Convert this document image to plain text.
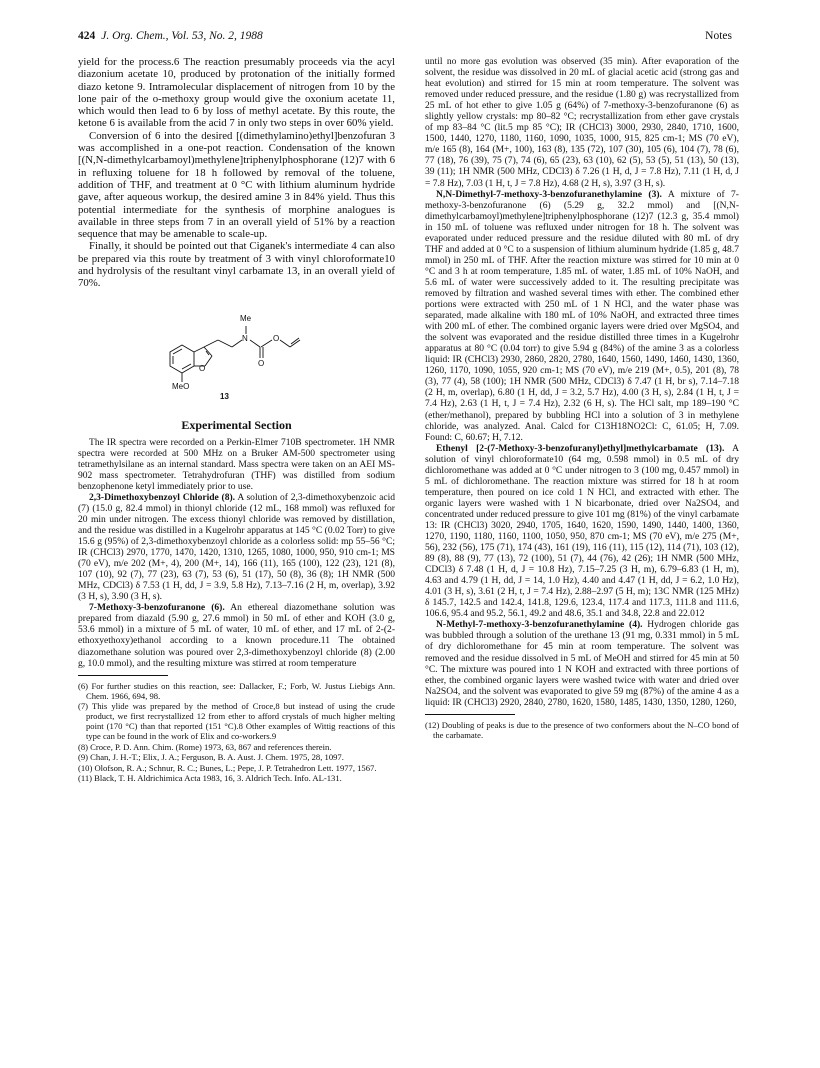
424 J. Org. Chem., Vol. 53, No. 2, 1988	Notes

yield for the process.6 The reaction presumably proceeds via the acyl diazonium acetate 10, produced by protonation of the initially formed diazo ketone 9. Intramolecular displacement of nitrogen from 10 by the lone pair of the o-methoxy group would give the oxonium acetate 11, which would then lead to 6 by loss of methyl acetate. By this route, the ketone 6 is available from the acid 7 in only two steps in over 60% yield.

Conversion of 6 into the desired [(dimethylamino)ethyl]benzofuran 3 was accomplished in a one-pot reaction. Condensation of the known [(N,N-dimethylcarbamoyl)methylene]triphenylphosphorane (12)7 with 6 in refluxing toluene for 18 h followed by removal of the toluene, addition of THF, and treatment at 0 °C with lithium aluminum hydride gave, after aqueous workup, the desired amine 3 in 84% yield. Thus this potential intermediate for the synthesis of morphine analogues is available in three steps from 7 in an overall yield of 51% by a reaction sequence that may be amenable to scale-up.

Finally, it should be pointed out that Ciganek's intermediate 4 can also be prepared via this route by treatment of 3 with vinyl chloroformate10 and hydrolysis of the resultant vinyl carbamate 13, in an overall yield of 70%.

Me
N
O
O
O
MeO
13
Experimental Section

The IR spectra were recorded on a Perkin-Elmer 710B spectrometer. 1H NMR spectra were recorded at 500 MHz on a Bruker AM-500 spectrometer using tetramethylsilane as an internal standard. Mass spectra were taken on an AEI MS-902 mass spectrometer. Tetrahydrofuran (THF) was distilled from sodium benzophenone ketyl immediately prior to use.

2,3-Dimethoxybenzoyl Chloride (8). A solution of 2,3-dimethoxybenzoic acid (7) (15.0 g, 82.4 mmol) in thionyl chloride (12 mL, 168 mmol) was refluxed for 20 min under nitrogen. The excess thionyl chloride was removed by distillation, and the residue was distilled in a Kugelrohr apparatus at 145 °C (0.02 Torr) to give 15.6 g (95%) of 2,3-dimethoxybenzoyl chloride as a colorless solid: mp 55–56 °C; IR (CHCl3) 2970, 1770, 1470, 1420, 1310, 1265, 1080, 1000, 950, 910 cm-1; MS (70 eV), m/e 202 (M+, 4), 200 (M+, 14), 166 (11), 165 (100), 122 (23), 121 (8), 107 (10), 92 (7), 77 (23), 63 (7), 53 (6), 51 (17), 50 (8), 36 (8); 1H NMR (500 MHz, CDCl3) δ 7.53 (1 H, dd, J = 3.9, 5.8 Hz), 7.13–7.16 (2 H, m, overlap), 3.92 (3 H, s), 3.90 (3 H, s).

7-Methoxy-3-benzofuranone (6). An ethereal diazomethane solution was prepared from diazald (5.90 g, 27.6 mmol) in 50 mL of ether and KOH (3.0 g, 53.6 mmol) in a mixture of 5 mL of water, 10 mL of ether, and 17 mL of 2-(2-ethoxyethoxy)ethanol according to a known procedure.11 The obtained diazomethane solution was poured over 2,3-dimethoxybenzoyl chloride (8) (2.00 g, 10.0 mmol), and the resulting mixture was stirred at room temperature

(6) For further studies on this reaction, see: Dallacker, F.; Forb, W. Justus Liebigs Ann. Chem. 1966, 694, 98.

(7) This ylide was prepared by the method of Croce,8 but instead of using the crude product, we first recrystallized 12 from ether to afford crystals of much higher melting point (170 °C) than that reported (151 °C).8 Other examples of Wittig reactions of this type can be found in the work of Elix and co-workers.9

(8) Croce, P. D. Ann. Chim. (Rome) 1973, 63, 867 and references therein.

(9) Chan, J. H.-T.; Elix, J. A.; Ferguson, B. A. Aust. J. Chem. 1975, 28, 1097.

(10) Olofson, R. A.; Schnur, R. C.; Bunes, L.; Pepe, J. P. Tetrahedron Lett. 1977, 1567.

(11) Black, T. H. Aldrichimica Acta 1983, 16, 3. Aldrich Tech. Info. AL-131.

until no more gas evolution was observed (35 min). After evaporation of the solvent, the residue was dissolved in 20 mL of glacial acetic acid (strong gas and heat evolution) and stirred for 15 min at room temperature. The solvent was removed under reduced pressure, and the residue (1.80 g) was recrystallized from 25 mL of hot ether to give 1.05 g (64%) of 7-methoxy-3-benzofuranone (6) as slightly yellow crystals: mp 80–82 °C; recrystallization from ether gave crystals of mp 83–84 °C (lit.5 mp 85 °C); IR (CHCl3) 3000, 2930, 2840, 1710, 1600, 1500, 1440, 1270, 1180, 1160, 1090, 1035, 1000, 915, 825 cm-1; MS (70 eV), m/e 165 (8), 164 (M+, 100), 163 (8), 135 (72), 107 (30), 105 (6), 104 (7), 78 (6), 77 (18), 76 (39), 75 (7), 74 (6), 65 (23), 63 (10), 62 (5), 53 (5), 51 (13), 50 (13), 39 (11); 1H NMR (500 MHz, CDCl3) δ 7.26 (1 H, d, J = 7.8 Hz), 7.11 (1 H, d, J = 7.8 Hz), 7.03 (1 H, t, J = 7.8 Hz), 4.68 (2 H, s), 3.97 (3 H, s).

N,N-Dimethyl-7-methoxy-3-benzofuranethylamine (3). A mixture of 7-methoxy-3-benzofuranone (6) (5.29 g, 32.2 mmol) and [(N,N-dimethylcarbamoyl)methylene]triphenylphosphorane (12)7 (12.3 g, 35.4 mmol) in 150 mL of toluene was refluxed under nitrogen for 18 h. The solvent was evaporated under reduced pressure and the residue diluted with 80 mL of dry THF and added at 0 °C to a suspension of lithium aluminum hydride (1.85 g, 48.7 mmol) in 250 mL of THF. After the reaction mixture was stirred for 10 min at 0 °C and 3 h at room temperature, 1.85 mL of water, 1.85 mL of 10% NaOH, and 5.6 mL of water were successively added to it. The resulting precipitate was removed by filtration and washed several times with ether. The combined ether portions were extracted with 250 mL of 1 N HCl, and the water phase was separated, made alkaline with 180 mL of 10% NaOH, and extracted three times with 200 mL of ether. The combined organic layers were dried over MgSO4, and the solvent was evaporated and the residue distilled three times in a Kugelrohr apparatus at 80 °C (0.04 torr) to give 5.94 g (84%) of the amine 3 as a colorless liquid: IR (CHCl3) 2930, 2860, 2820, 2780, 1640, 1560, 1490, 1460, 1430, 1360, 1260, 1170, 1090, 1055, 920 cm-1; MS (70 eV), m/e 219 (M+, 0.5), 201 (8), 78 (3), 77 (4), 58 (100); 1H NMR (500 MHz, CDCl3) δ 7.47 (1 H, br s), 7.14–7.18 (2 H, m, overlap), 6.80 (1 H, dd, J = 3.2, 5.7 Hz), 4.00 (3 H, s), 2.84 (1 H, t, J = 7.4 Hz), 2.63 (1 H, t, J = 7.4 Hz), 2.32 (6 H, s). The HCl salt, mp 189–190 °C (ether/methanol), prepared by bubbling HCl into a solution of 3 in methylene chloride, was analyzed. Anal. Calcd for C13H18NO2Cl: C, 61.05; H, 7.09. Found: C, 60.67; H, 7.12.

Ethenyl [2-(7-Methoxy-3-benzofuranyl)ethyl]methylcarbamate (13). A solution of vinyl chloroformate10 (64 mg, 0.598 mmol) in 0.5 mL of dry dichloromethane was added at 0 °C under nitrogen to 3 (100 mg, 0.457 mmol) in 5 mL of dichloromethane. The reaction mixture was stirred for 18 h at room temperature, then poured on ice cold 1 N HCl, and extracted with ether. The organic layers were washed with 1 N bicarbonate, dried over Na2SO4, and concentrated under reduced pressure to give 101 mg (81%) of the vinyl carbamate 13: IR (CHCl3) 3020, 2940, 1705, 1640, 1620, 1590, 1490, 1440, 1400, 1360, 1270, 1190, 1180, 1160, 1100, 1050, 950, 870 cm-1; MS (70 eV), m/e 275 (M+, 56), 232 (56), 175 (71), 174 (43), 161 (19), 116 (11), 115 (12), 114 (71), 103 (12), 89 (8), 88 (9), 77 (13), 72 (100), 51 (7), 44 (76), 42 (26); 1H NMR (500 MHz, CDCl3) δ 7.48 (1 H, d, J = 10.8 Hz), 7.15–7.25 (3 H, m), 6.79–6.83 (1 H, m), 4.63 and 4.79 (1 H, dd, J = 14, 1.0 Hz), 4.40 and 4.47 (1 H, dd, J = 6.2, 1.0 Hz), 4.01 (3 H, s), 3.61 (2 H, t, J = 7.4 Hz), 2.88–2.97 (5 H, m); 13C NMR (125 MHz) δ 145.7, 142.5 and 142.4, 141.8, 129.6, 123.4, 117.4 and 117.3, 111.8 and 111.6, 106.6, 95.4 and 95.2, 56.1, 49.2 and 48.6, 35.1 and 34.8, 22.8 and 22.012

N-Methyl-7-methoxy-3-benzofuranethylamine (4). Hydrogen chloride gas was bubbled through a solution of the urethane 13 (91 mg, 0.331 mmol) in 5 mL of dry dichloromethane for 45 min at room temperature. The solvent was removed and the residue dissolved in 5 mL of MeOH and stirred for 45 min at 50 °C. The mixture was poured into 1 N KOH and extracted with three portions of ether, the combined organic layers were washed twice with water and dried over Na2SO4, and the solvent was evaporated to give 59 mg (87%) of the amine 4 as a liquid: IR (CHCl3) 2920, 2840, 2780, 1620, 1580, 1485, 1430, 1350, 1280, 1260,

(12) Doubling of peaks is due to the presence of two conformers about the N–CO bond of the carbamate.
